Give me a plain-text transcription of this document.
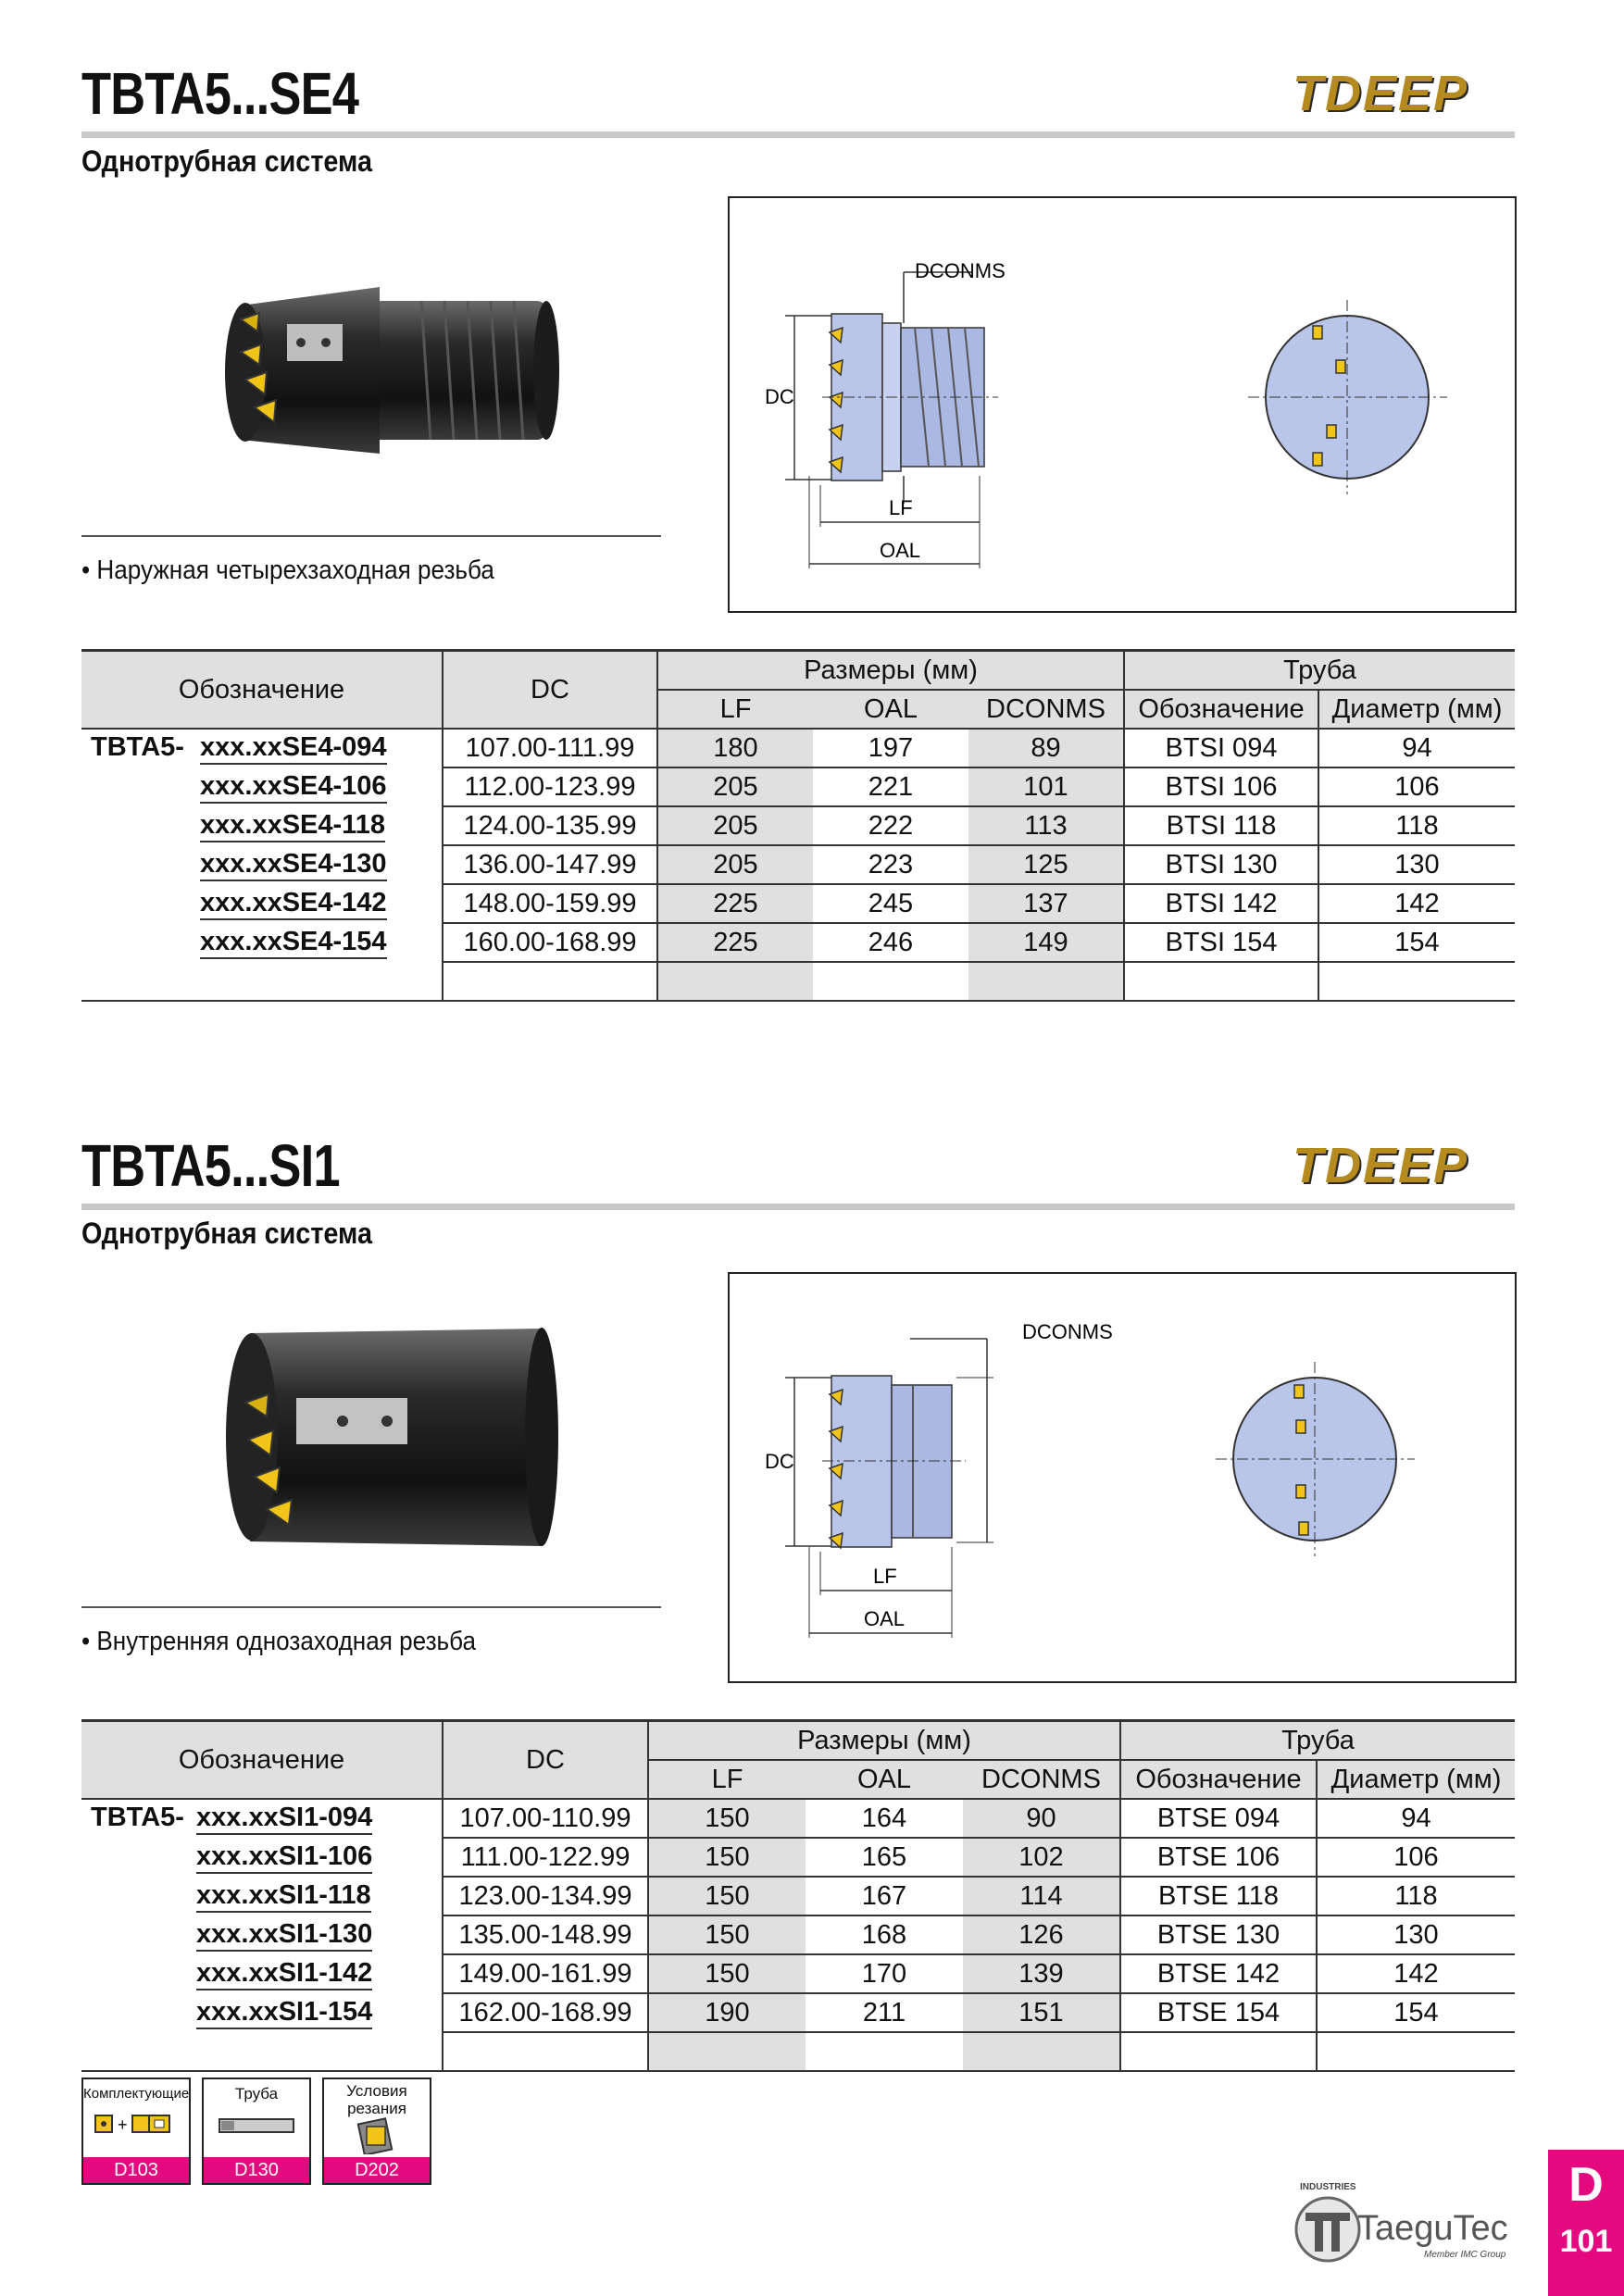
TBTA5...SE4	TDEEP
Однотрубная система
• Наружная четырехзаходная резьба
DCONMS
DC
LF
OAL
Обозначение	DC	Размеры (мм)			Труба	
		LF	OAL	DCONMS	Обозначение	Диаметр (мм)
TBTA5- xxx.xxSE4-094	107.00-111.99	180	197	89	BTSI 094	94
xxx.xxSE4-106	112.00-123.99	205	221	101	BTSI 106	106
xxx.xxSE4-118	124.00-135.99	205	222	113	BTSI 118	118
xxx.xxSE4-130	136.00-147.99	205	223	125	BTSI 130	130
xxx.xxSE4-142	148.00-159.99	225	245	137	BTSI 142	142
xxx.xxSE4-154	160.00-168.99	225	246	149	BTSI 154	154

TBTA5...SI1	TDEEP
Однотрубная система
• Внутренняя однозаходная резьба
DCONMS
DC
LF
OAL
Обозначение	DC	Размеры (мм)			Труба	
		LF	OAL	DCONMS	Обозначение	Диаметр (мм)
TBTA5- xxx.xxSI1-094	107.00-110.99	150	164	90	BTSE 094	94
xxx.xxSI1-106	111.00-122.99	150	165	102	BTSE 106	106
xxx.xxSI1-118	123.00-134.99	150	167	114	BTSE 118	118
xxx.xxSI1-130	135.00-148.99	150	168	126	BTSE 130	130
xxx.xxSI1-142	149.00-161.99	150	170	139	BTSE 142	142
xxx.xxSI1-154	162.00-168.99	190	211	151	BTSE 154	154

Комплектующие
+
D103
Труба
D130
Условия резания
D202
INDUSTRIES
TaeguTec
Member IMC Group
D
101
